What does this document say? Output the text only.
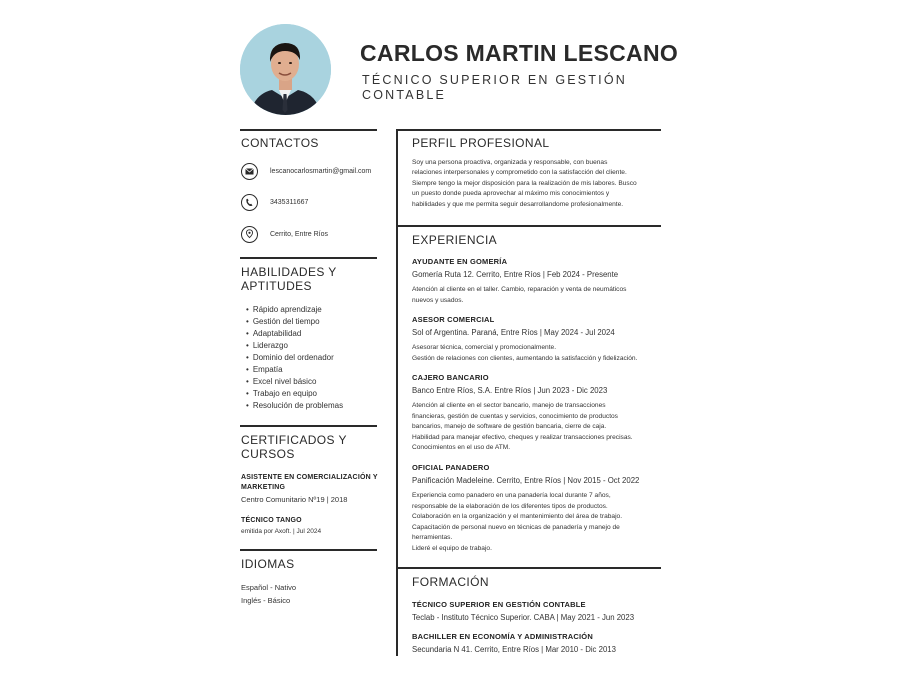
CARLOS MARTIN LESCANO
TÉCNICO SUPERIOR EN GESTIÓN
CONTABLE
CONTACTOS
lescanocarlosmartin@gmail.com
3435311667
Cerrito, Entre Ríos
HABILIDADES Y
APTITUDES
• Rápido aprendizaje
• Gestión del tiempo
• Adaptabilidad
• Liderazgo
• Dominio del ordenador
• Empatía
• Excel nivel básico
• Trabajo en equipo
• Resolución de problemas
CERTIFICADOS Y
CURSOS
ASISTENTE EN COMERCIALIZACIÓN Y
MARKETING
Centro Comunitario Nº19 | 2018
TÉCNICO TANGO
emitida por Axoft. | Jul 2024
IDIOMAS
Español - Nativo
Inglés - Básico
PERFIL PROFESIONAL
Soy una persona proactiva, organizada y responsable, con buenas
relaciones interpersonales y comprometido con la satisfacción del cliente.
Siempre tengo la mejor disposición para la realización de mis labores. Busco
un puesto donde pueda aprovechar al máximo mis conocimientos y
habilidades y que me permita seguir desarrollandome profesionalmente.
EXPERIENCIA
AYUDANTE EN GOMERÍA
Gomería Ruta 12. Cerrito, Entre Ríos | Feb 2024 - Presente
Atención al cliente en el taller. Cambio, reparación y venta de neumáticos
nuevos y usados.
ASESOR COMERCIAL
Sol of Argentina. Paraná, Entre Ríos | May 2024 - Jul 2024
Asesorar técnica, comercial y promocionalmente.
Gestión de relaciones con clientes, aumentando la satisfacción y fidelización.
CAJERO BANCARIO
Banco Entre Ríos, S.A. Entre Ríos | Jun 2023 - Dic 2023
Atención al cliente en el sector bancario, manejo de transacciones
financieras, gestión de cuentas y servicios, conocimiento de productos
bancarios, manejo de software de gestión bancaria, cierre de caja.
Habilidad para manejar efectivo, cheques y realizar transacciones precisas.
Conocimientos en el uso de ATM.
OFICIAL PANADERO
Panificación Madeleine. Cerrito, Entre Ríos | Nov 2015 - Oct 2022
Experiencia como panadero en una panadería local durante 7 años,
responsable de la elaboración de los diferentes tipos de productos.
Colaboración en la organización y el mantenimiento del área de trabajo.
Capacitación de personal nuevo en técnicas de panadería y manejo de
herramientas.
Lideré el equipo de trabajo.
FORMACIÓN
TÉCNICO SUPERIOR EN GESTIÓN CONTABLE
Teclab - Instituto Técnico Superior. CABA | May 2021 - Jun 2023
BACHILLER EN ECONOMÍA Y ADMINISTRACIÓN
Secundaria N 41. Cerrito, Entre Ríos | Mar 2010 - Dic 2013
